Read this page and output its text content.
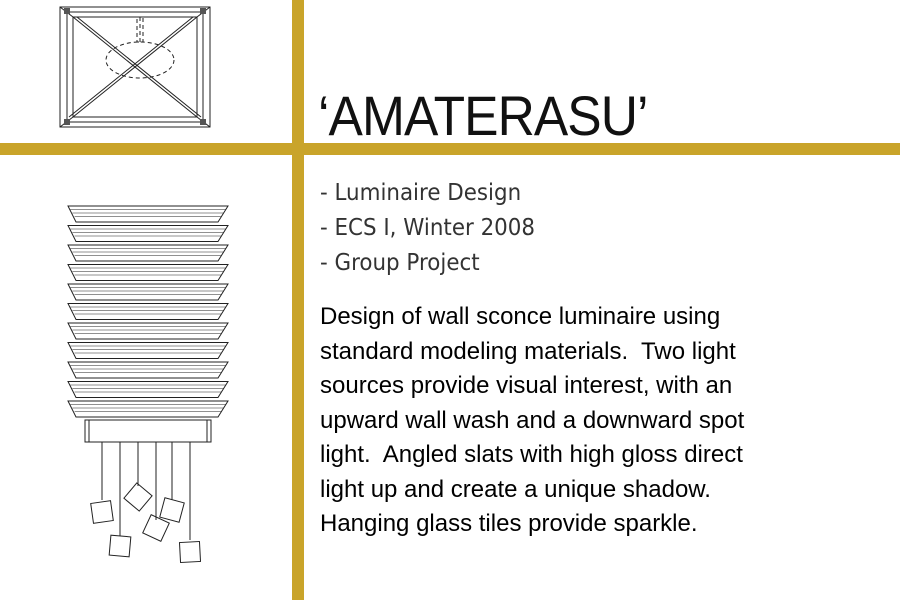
‘AMATERASU’
- Luminaire Design
- ECS I, Winter 2008
- Group Project

Design of wall sconce luminaire using
standard modeling materials.  Two light
sources provide visual interest, with an
upward wall wash and a downward spot
light.  Angled slats with high gloss direct
light up and create a unique shadow.
Hanging glass tiles provide sparkle.
